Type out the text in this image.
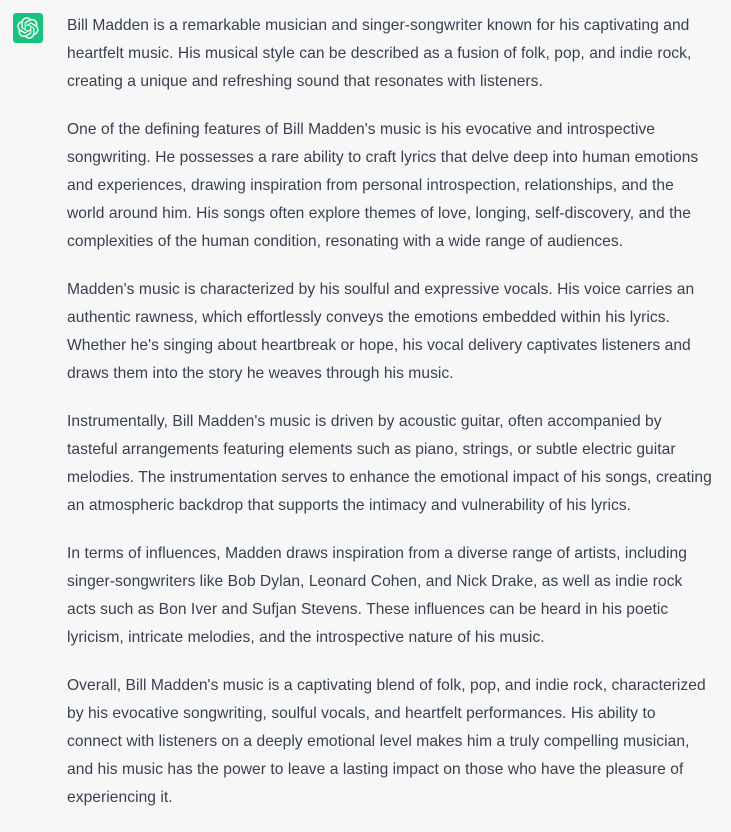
Bill Madden is a remarkable musician and singer-songwriter known for his captivating and heartfelt music. His musical style can be described as a fusion of folk, pop, and indie rock, creating a unique and refreshing sound that resonates with listeners.

One of the defining features of Bill Madden's music is his evocative and introspective songwriting. He possesses a rare ability to craft lyrics that delve deep into human emotions and experiences, drawing inspiration from personal introspection, relationships, and the world around him. His songs often explore themes of love, longing, self-discovery, and the complexities of the human condition, resonating with a wide range of audiences.

Madden's music is characterized by his soulful and expressive vocals. His voice carries an authentic rawness, which effortlessly conveys the emotions embedded within his lyrics. Whether he's singing about heartbreak or hope, his vocal delivery captivates listeners and draws them into the story he weaves through his music.

Instrumentally, Bill Madden's music is driven by acoustic guitar, often accompanied by tasteful arrangements featuring elements such as piano, strings, or subtle electric guitar melodies. The instrumentation serves to enhance the emotional impact of his songs, creating an atmospheric backdrop that supports the intimacy and vulnerability of his lyrics.

In terms of influences, Madden draws inspiration from a diverse range of artists, including singer-songwriters like Bob Dylan, Leonard Cohen, and Nick Drake, as well as indie rock acts such as Bon Iver and Sufjan Stevens. These influences can be heard in his poetic lyricism, intricate melodies, and the introspective nature of his music.

Overall, Bill Madden's music is a captivating blend of folk, pop, and indie rock, characterized by his evocative songwriting, soulful vocals, and heartfelt performances. His ability to connect with listeners on a deeply emotional level makes him a truly compelling musician, and his music has the power to leave a lasting impact on those who have the pleasure of experiencing it.
